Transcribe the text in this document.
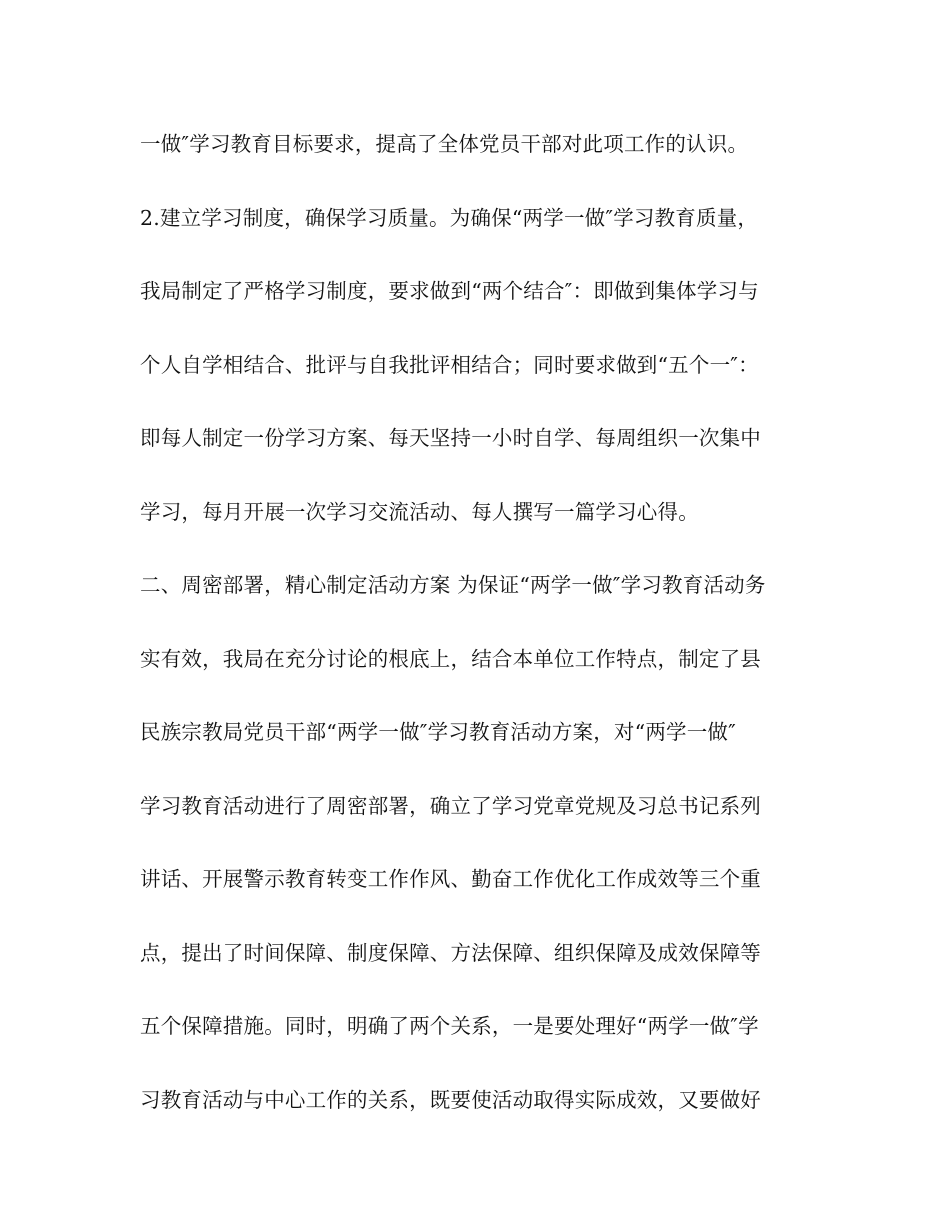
一做″学习教育目标要求，提高了全体党员干部对此项工作的认识。
2.建立学习制度，确保学习质量。为确保“两学一做″学习教育质量，
我局制定了严格学习制度，要求做到“两个结合″：即做到集体学习与
个人自学相结合、批评与自我批评相结合；同时要求做到“五个一″：
即每人制定一份学习方案、每天坚持一小时自学、每周组织一次集中
学习，每月开展一次学习交流活动、每人撰写一篇学习心得。
二、周密部署，精心制定活动方案 为保证“两学一做″学习教育活动务
实有效，我局在充分讨论的根底上，结合本单位工作特点，制定了县
民族宗教局党员干部“两学一做″学习教育活动方案，对“两学一做″
学习教育活动进行了周密部署，确立了学习党章党规及习总书记系列
讲话、开展警示教育转变工作作风、勤奋工作优化工作成效等三个重
点，提出了时间保障、制度保障、方法保障、组织保障及成效保障等
五个保障措施。同时，明确了两个关系，一是要处理好“两学一做″学
习教育活动与中心工作的关系，既要使活动取得实际成效，又要做好
